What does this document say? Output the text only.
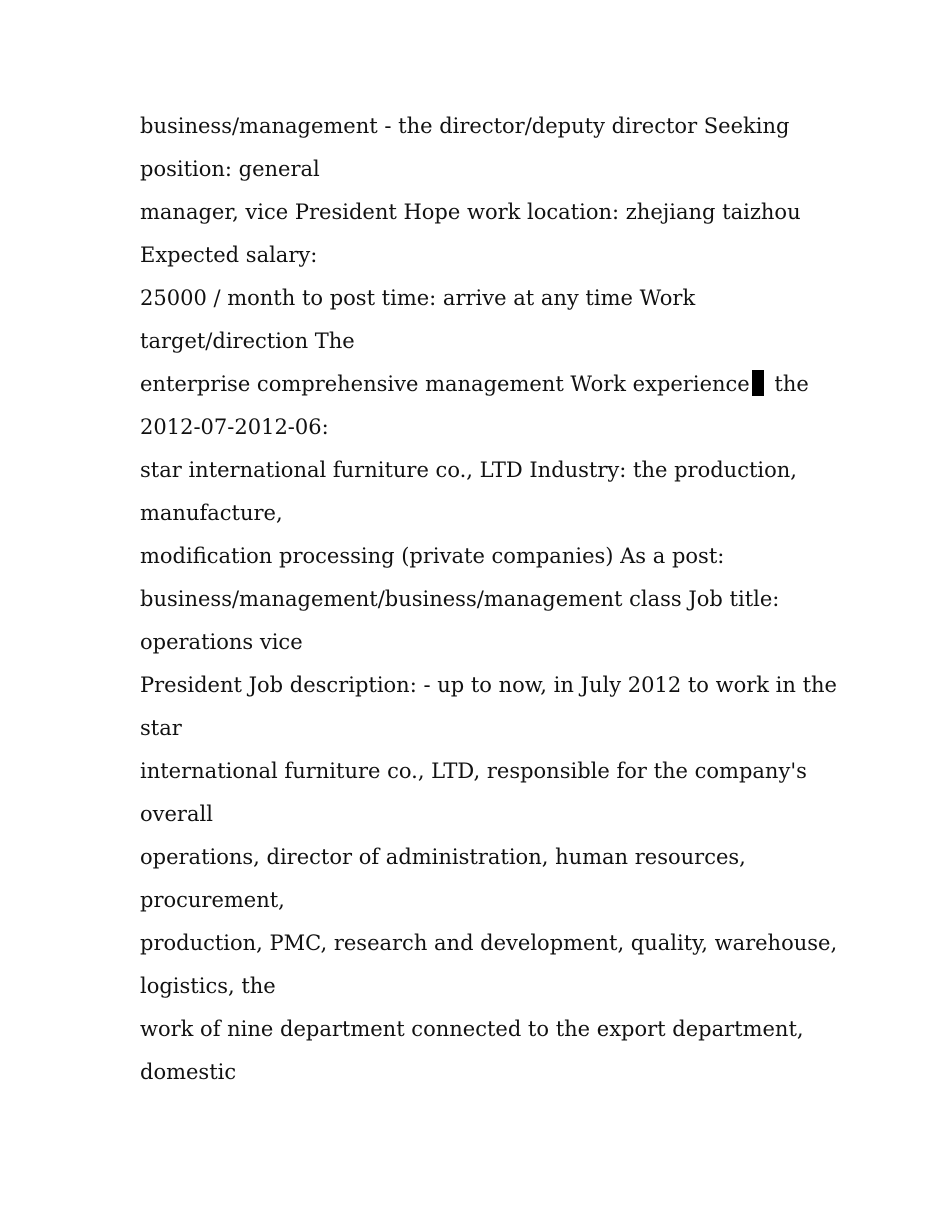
business/management - the director/deputy director Seeking
position: general
manager, vice President Hope work location: zhejiang taizhou
Expected salary:
25000 / month to post time: arrive at any time Work
target/direction The
enterprise comprehensive management Work experience the
2012-07-2012-06:
star international furniture co., LTD Industry: the production,
manufacture,
modification processing (private companies) As a post:
business/management/business/management class Job title:
operations vice
President Job description: - up to now, in July 2012 to work in the
star
international furniture co., LTD, responsible for the company's
overall
operations, director of administration, human resources,
procurement,
production, PMC, research and development, quality, warehouse,
logistics, the
work of nine department connected to the export department,
domestic
